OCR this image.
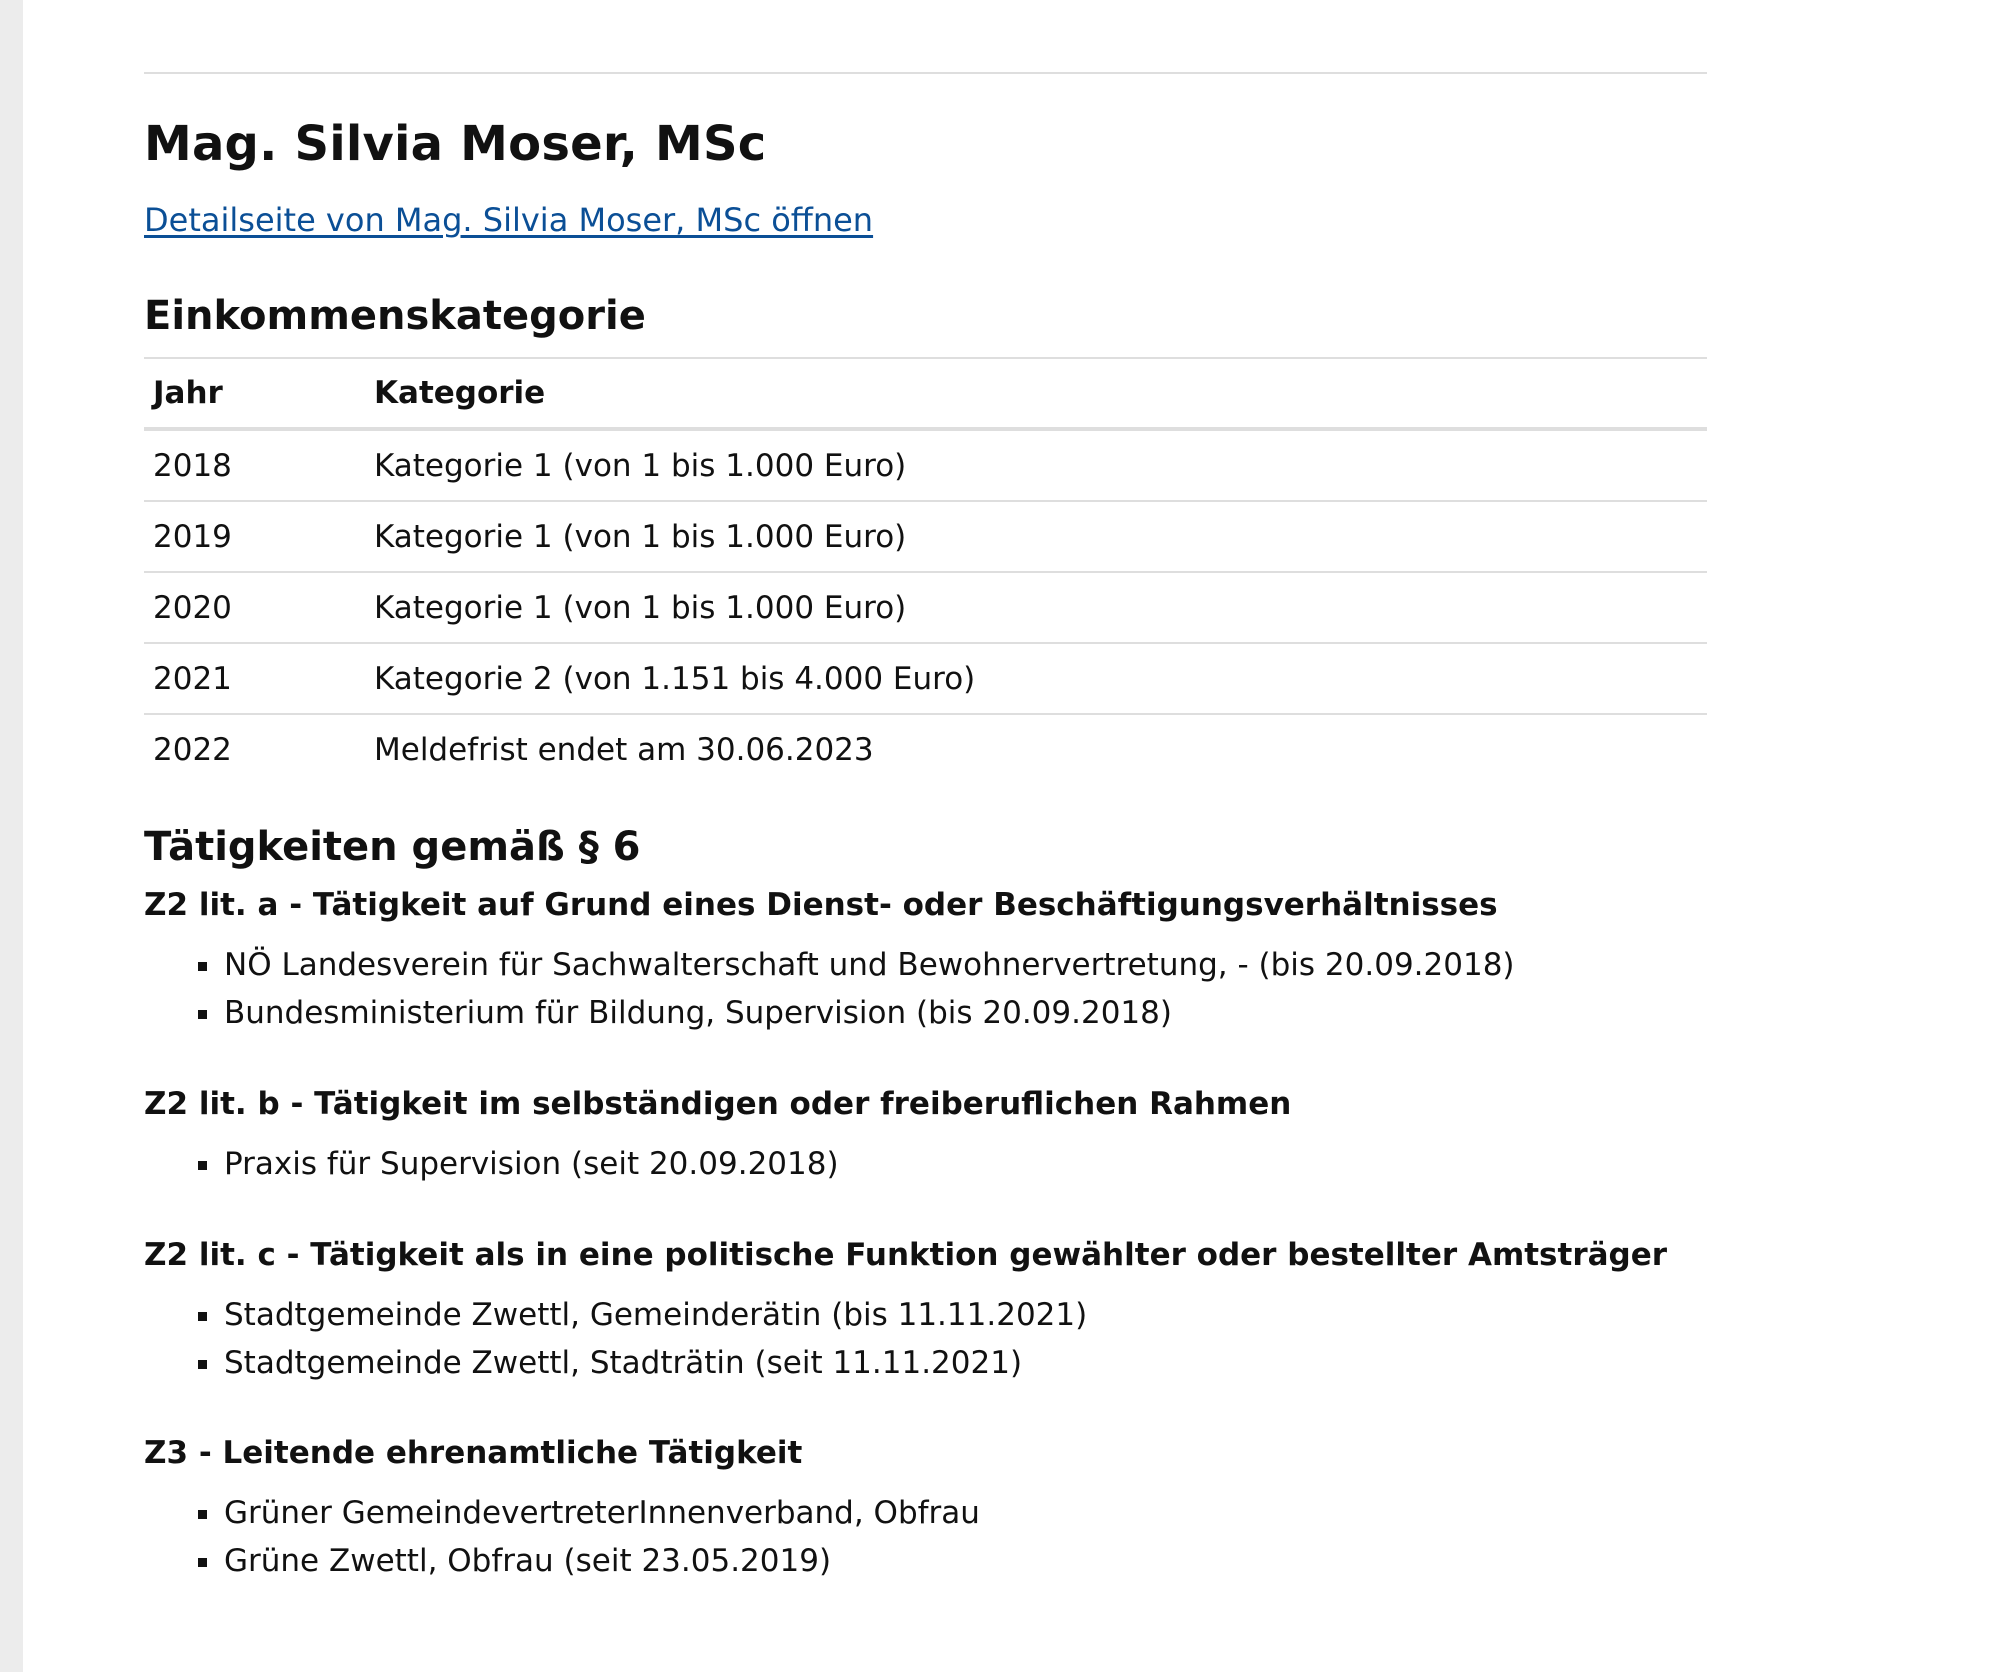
Mag. Silvia Moser, MSc
Detailseite von Mag. Silvia Moser, MSc öffnen
Einkommenskategorie
Jahr	Kategorie
2018	Kategorie 1 (von 1 bis 1.000 Euro)
2019	Kategorie 1 (von 1 bis 1.000 Euro)
2020	Kategorie 1 (von 1 bis 1.000 Euro)
2021	Kategorie 2 (von 1.151 bis 4.000 Euro)
2022	Meldefrist endet am 30.06.2023
Tätigkeiten gemäß § 6
Z2 lit. a - Tätigkeit auf Grund eines Dienst- oder Beschäftigungsverhältnisses
NÖ Landesverein für Sachwalterschaft und Bewohnervertretung, - (bis 20.09.2018)
Bundesministerium für Bildung, Supervision (bis 20.09.2018)
Z2 lit. b - Tätigkeit im selbständigen oder freiberuflichen Rahmen
Praxis für Supervision (seit 20.09.2018)
Z2 lit. c - Tätigkeit als in eine politische Funktion gewählter oder bestellter Amtsträger
Stadtgemeinde Zwettl, Gemeinderätin (bis 11.11.2021)
Stadtgemeinde Zwettl, Stadträtin (seit 11.11.2021)
Z3 - Leitende ehrenamtliche Tätigkeit
Grüner GemeindevertreterInnenverband, Obfrau
Grüne Zwettl, Obfrau (seit 23.05.2019)
